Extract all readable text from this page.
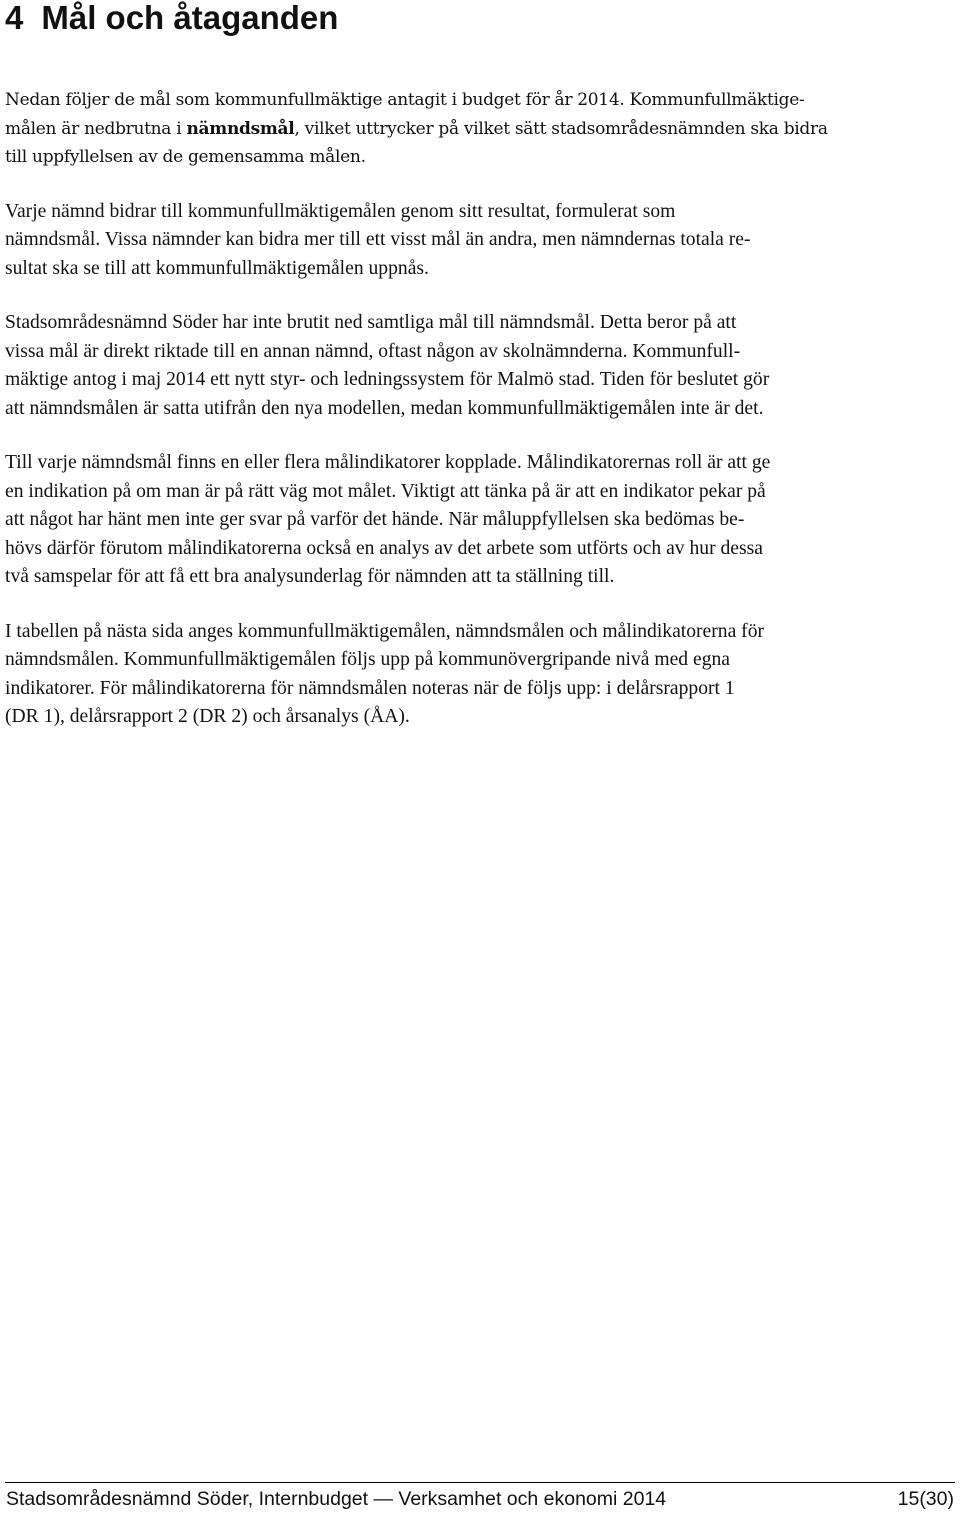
4 Mål och åtaganden

Nedan följer de mål som kommunfullmäktige antagit i budget för år 2014. Kommunfullmäktige-
målen är nedbrutna i nämndsmål, vilket uttrycker på vilket sätt stadsområdesnämnden ska bidra
till uppfyllelsen av de gemensamma målen.

Varje nämnd bidrar till kommunfullmäktigemålen genom sitt resultat, formulerat som
nämndsmål. Vissa nämnder kan bidra mer till ett visst mål än andra, men nämndernas totala re-
sultat ska se till att kommunfullmäktigemålen uppnås.

Stadsområdesnämnd Söder har inte brutit ned samtliga mål till nämndsmål. Detta beror på att
vissa mål är direkt riktade till en annan nämnd, oftast någon av skolnämnderna. Kommunfull-
mäktige antog i maj 2014 ett nytt styr- och ledningssystem för Malmö stad. Tiden för beslutet gör
att nämndsmålen är satta utifrån den nya modellen, medan kommunfullmäktigemålen inte är det.

Till varje nämndsmål finns en eller flera målindikatorer kopplade. Målindikatorernas roll är att ge
en indikation på om man är på rätt väg mot målet. Viktigt att tänka på är att en indikator pekar på
att något har hänt men inte ger svar på varför det hände. När måluppfyllelsen ska bedömas be-
hövs därför förutom målindikatorerna också en analys av det arbete som utförts och av hur dessa
två samspelar för att få ett bra analysunderlag för nämnden att ta ställning till.

I tabellen på nästa sida anges kommunfullmäktigemålen, nämndsmålen och målindikatorerna för
nämndsmålen. Kommunfullmäktigemålen följs upp på kommunövergripande nivå med egna
indikatorer. För målindikatorerna för nämndsmålen noteras när de följs upp: i delårsrapport 1
(DR 1), delårsrapport 2 (DR 2) och årsanalys (ÅA).

Stadsområdesnämnd Söder, Internbudget — Verksamhet och ekonomi 2014	15(30)
